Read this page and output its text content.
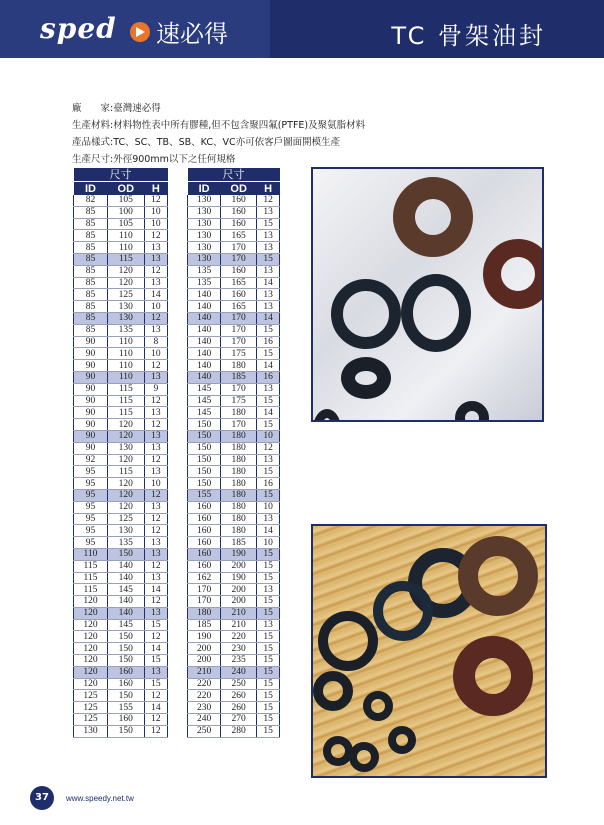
sped 速必得	TC 骨架油封
廠　　家:臺灣速必得
生產材料:材料物性表中所有膠種,但不包含聚四氟(PTFE)及聚氨脂材料
產品樣式:TC、SC、TB、SB、KC、VC亦可依客戶圖面開模生產
生產尺寸:外徑900mm以下之任何規格
尺寸		
ID	OD	H
82	105	12
85	100	10
85	105	10
85	110	12
85	110	13
85	115	13
85	120	12
85	120	13
85	125	14
85	130	10
85	130	12
85	135	13
90	110	8
90	110	10
90	110	12
90	110	13
90	115	9
90	115	12
90	115	13
90	120	12
90	120	13
90	130	13
92	120	12
95	115	13
95	120	10
95	120	12
95	120	13
95	125	12
95	130	12
95	135	13
110	150	13
115	140	12
115	140	13
115	145	14
120	140	12
120	140	13
120	145	15
120	150	12
120	150	14
120	150	15
120	160	13
120	160	15
125	150	12
125	155	14
125	160	12
130	150	12
尺寸		
ID	OD	H
130	160	12
130	160	13
130	160	15
130	165	13
130	170	13
130	170	15
135	160	13
135	165	14
140	160	13
140	165	13
140	170	14
140	170	15
140	170	16
140	175	15
140	180	14
140	185	16
145	170	13
145	175	15
145	180	14
150	170	15
150	180	10
150	180	12
150	180	13
150	180	15
150	180	16
155	180	15
160	180	10
160	180	13
160	180	14
160	185	10
160	190	15
160	200	15
162	190	15
170	200	13
170	200	15
180	210	15
185	210	13
190	220	15
200	230	15
200	235	15
210	240	15
220	250	15
220	260	15
230	260	15
240	270	15
250	280	15
37	www.speedy.net.tw
